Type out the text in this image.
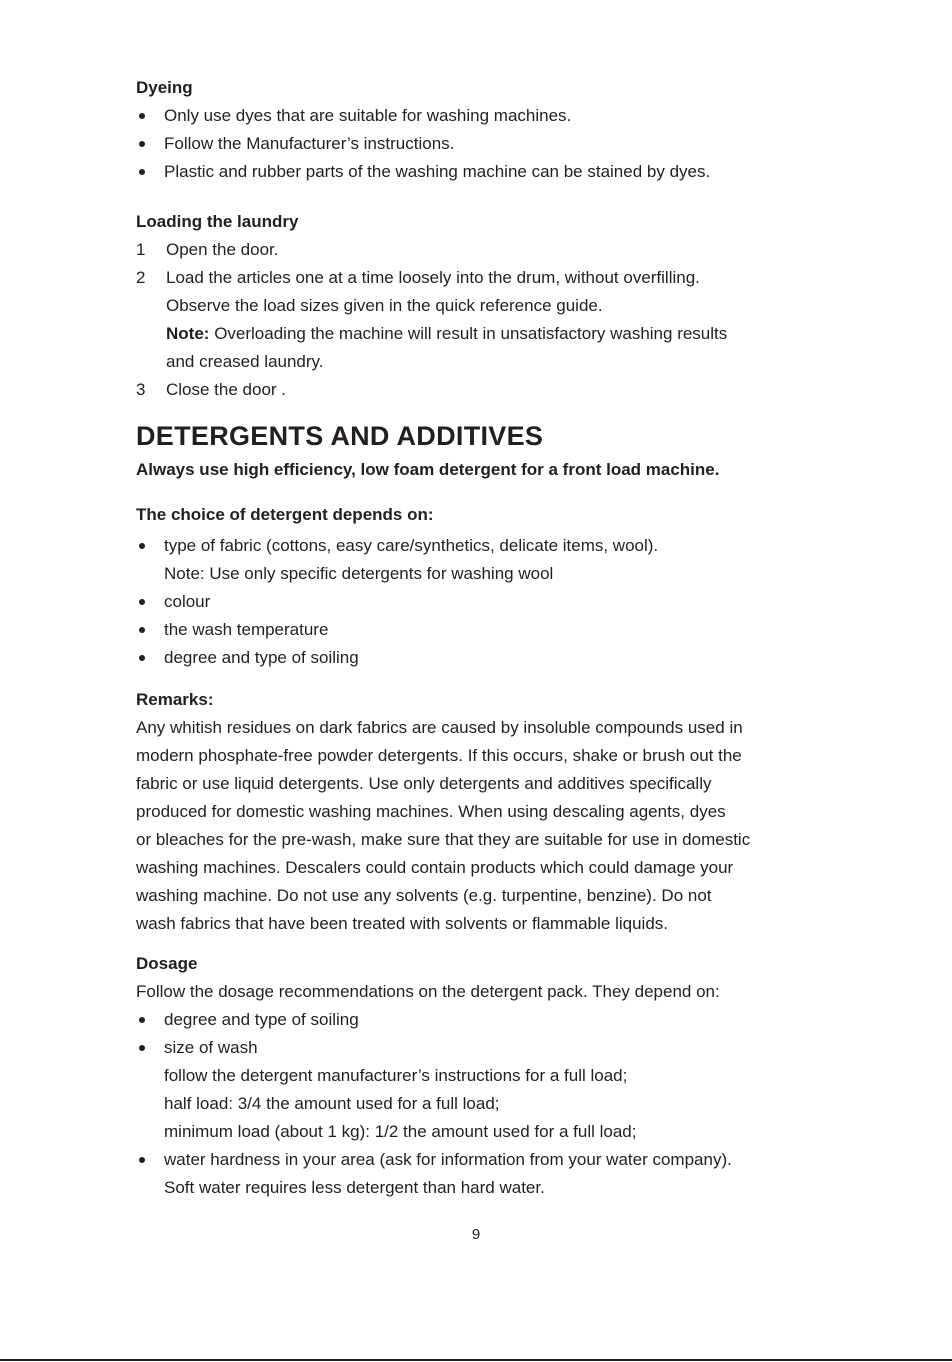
Dyeing
Only use dyes that are suitable for washing machines.
Follow the Manufacturer’s instructions.
Plastic and rubber parts of the washing machine can be stained by dyes.
Loading the laundry
1 Open the door.
2 Load the articles one at a time loosely into the drum, without overfilling.
Observe the load sizes given in the quick reference guide.
Note: Overloading the machine will result in unsatisfactory washing results
and creased laundry.
3 Close the door .
DETERGENTS AND ADDITIVES
Always use high efficiency, low foam detergent for a front load machine.
The choice of detergent depends on:
type of fabric (cottons, easy care/synthetics, delicate items, wool).
Note: Use only specific detergents for washing wool
colour
the wash temperature
degree and type of soiling
Remarks:
Any whitish residues on dark fabrics are caused by insoluble compounds used in
modern phosphate-free powder detergents. If this occurs, shake or brush out the
fabric or use liquid detergents. Use only detergents and additives specifically
produced for domestic washing machines. When using descaling agents, dyes
or bleaches for the pre-wash, make sure that they are suitable for use in domestic
washing machines. Descalers could contain products which could damage your
washing machine. Do not use any solvents (e.g. turpentine, benzine). Do not
wash fabrics that have been treated with solvents or flammable liquids.
Dosage
Follow the dosage recommendations on the detergent pack. They depend on:
degree and type of soiling
size of wash
follow the detergent manufacturer’s instructions for a full load;
half load: 3/4 the amount used for a full load;
minimum load (about 1 kg): 1/2 the amount used for a full load;
water hardness in your area (ask for information from your water company).
Soft water requires less detergent than hard water.
9
